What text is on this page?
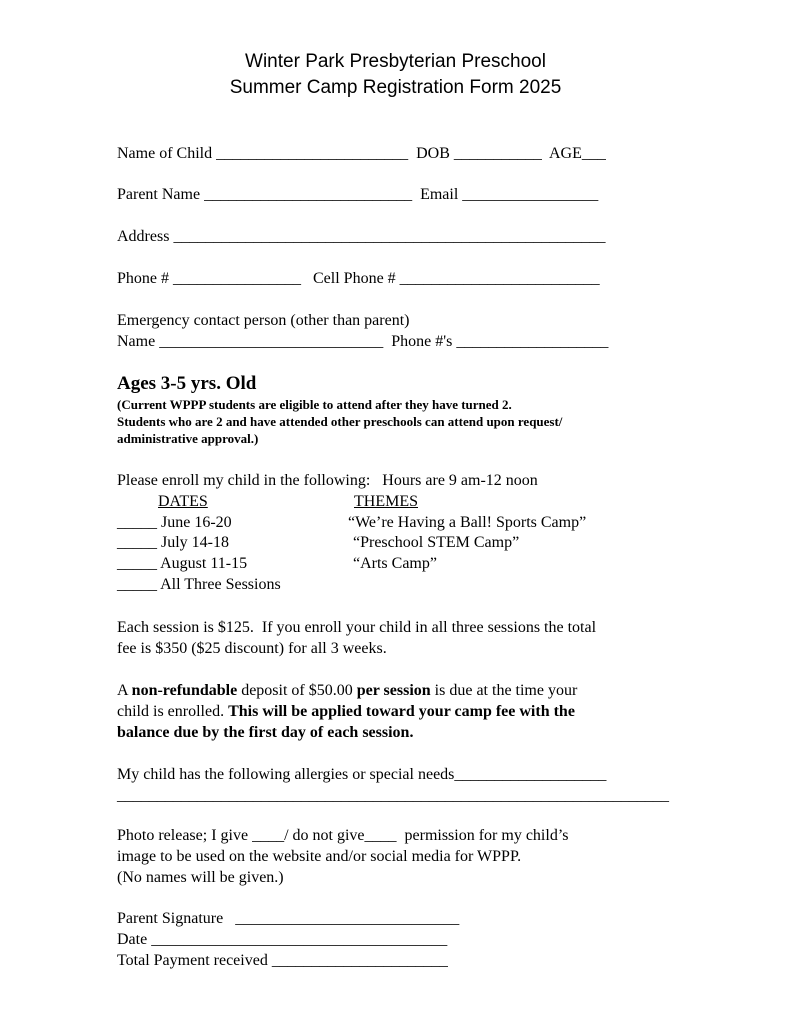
Winter Park Presbyterian Preschool
Summer Camp Registration Form 2025
Name of Child ________________________  DOB ___________  AGE___
Parent Name __________________________  Email _________________
Address ______________________________________________________
Phone # ________________   Cell Phone # _________________________
Emergency contact person (other than parent)
Name ____________________________  Phone #'s ___________________
Ages 3-5 yrs. Old
(Current WPPP students are eligible to attend after they have turned 2.
Students who are 2 and have attended other preschools can attend upon request/
administrative approval.)
Please enroll my child in the following:   Hours are 9 am-12 noon
DATES	THEMES
_____ June 16-20	“We’re Having a Ball! Sports Camp”
_____ July 14-18	“Preschool STEM Camp”
_____ August 11-15	“Arts Camp”
_____ All Three Sessions
Each session is $125.  If you enroll your child in all three sessions the total
fee is $350 ($25 discount) for all 3 weeks.
A non-refundable deposit of $50.00 per session is due at the time your
child is enrolled. This will be applied toward your camp fee with the
balance due by the first day of each session.
My child has the following allergies or special needs___________________
_____________________________________________________________________
Photo release; I give ____/ do not give____  permission for my child’s
image to be used on the website and/or social media for WPPP.
(No names will be given.)
Parent Signature   ____________________________
Date _____________________________________
Total Payment received ______________________
